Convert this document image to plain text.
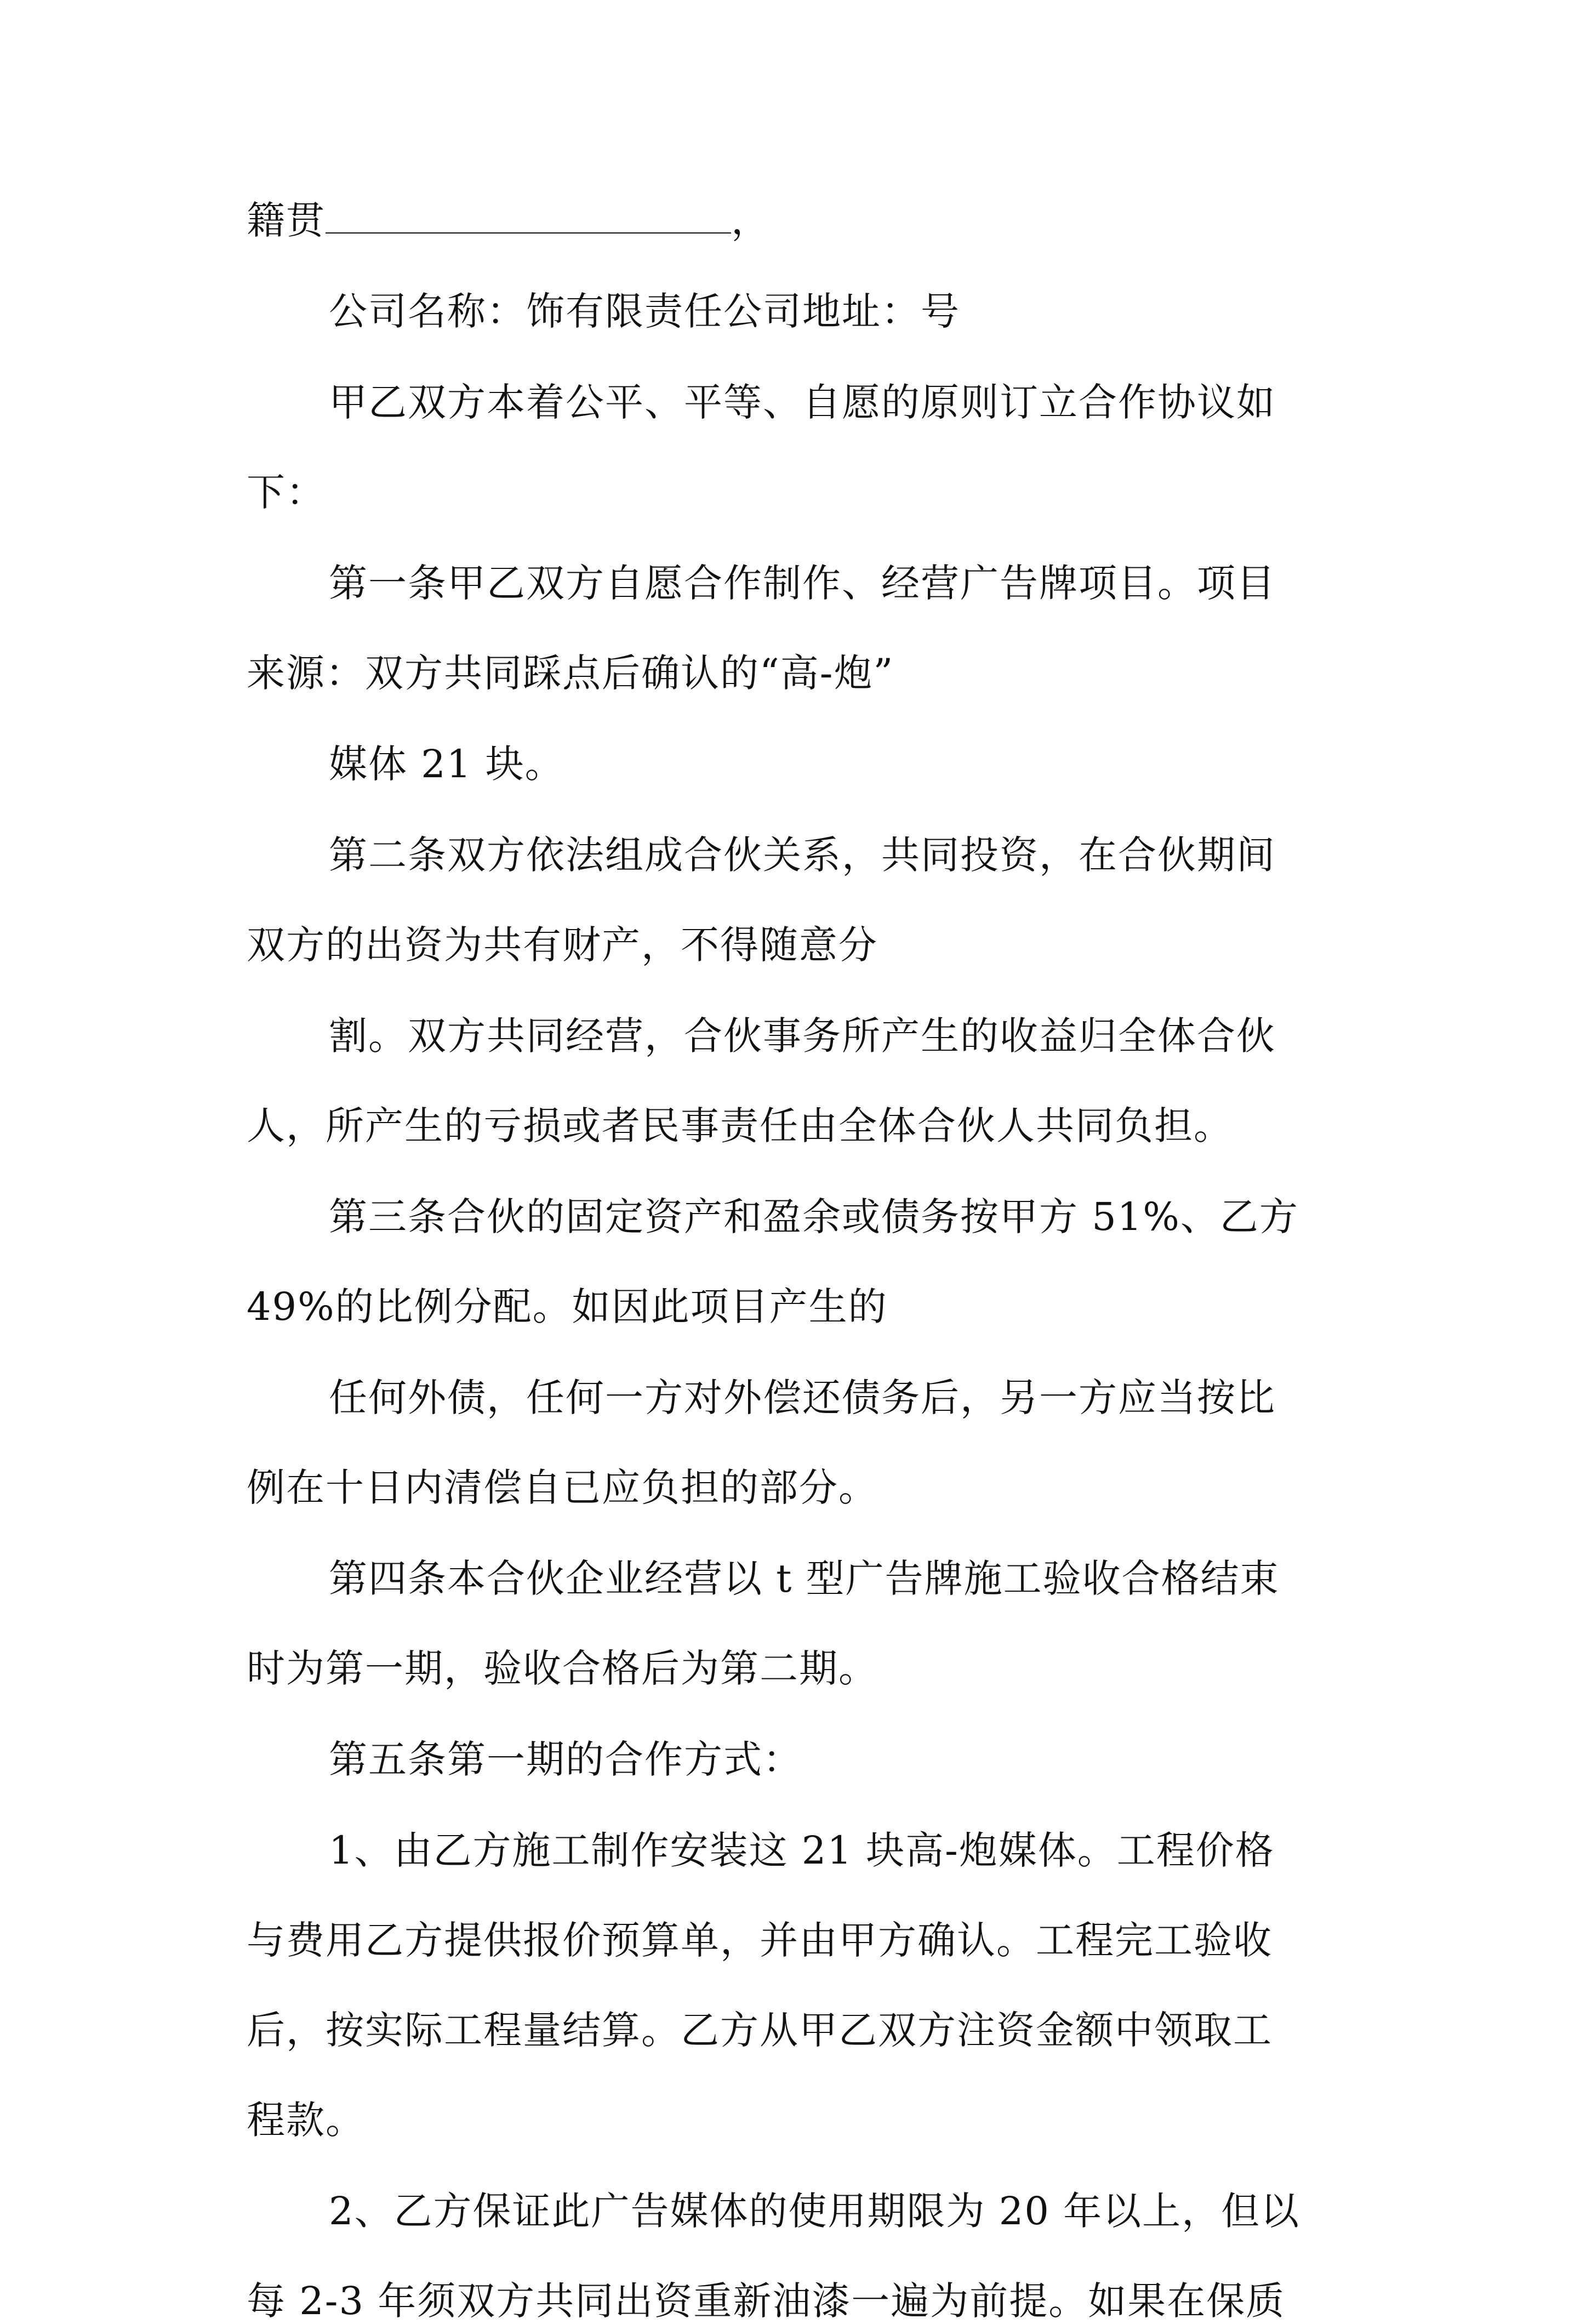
籍贯	，
公司名称：饰有限责任公司地址：号
甲乙双方本着公平、平等、自愿的原则订立合作协议如
下：
第一条甲乙双方自愿合作制作、经营广告牌项目。项目
来源：双方共同踩点后确认的“高-炮”
媒体 21 块。
第二条双方依法组成合伙关系，共同投资，在合伙期间
双方的出资为共有财产，不得随意分
割。双方共同经营，合伙事务所产生的收益归全体合伙
人，所产生的亏损或者民事责任由全体合伙人共同负担。
第三条合伙的固定资产和盈余或债务按甲方 51%、乙方
49%的比例分配。如因此项目产生的
任何外债，任何一方对外偿还债务后，另一方应当按比
例在十日内清偿自已应负担的部分。
第四条本合伙企业经营以 t 型广告牌施工验收合格结束
时为第一期，验收合格后为第二期。
第五条第一期的合作方式：
1、由乙方施工制作安装这 21 块高-炮媒体。工程价格
与费用乙方提供报价预算单，并由甲方确认。工程完工验收
后，按实际工程量结算。乙方从甲乙双方注资金额中领取工
程款。
2、乙方保证此广告媒体的使用期限为 20 年以上，但以
每 2-3 年须双方共同出资重新油漆一遍为前提。如果在保质
